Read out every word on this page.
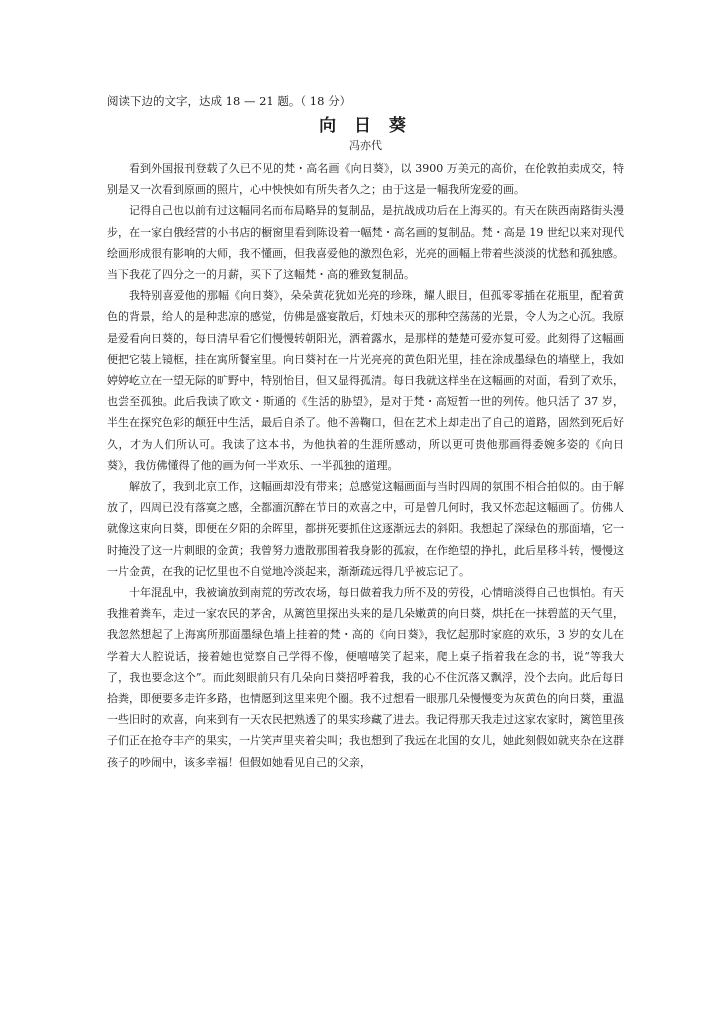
阅读下边的文字，达成 18 — 21 题。（ 18 分）
向 日 葵
冯亦代

看到外国报刊登载了久已不见的梵・高名画《向日葵》，以 3900 万美元的高价，在伦敦拍卖成交，特别是又一次看到原画的照片，心中怏怏如有所失者久之；由于这是一幅我所宠爱的画。

记得自己也以前有过这幅同名而布局略异的复制品，是抗战成功后在上海买的。有天在陕西南路街头漫步，在一家白俄经营的小书店的橱窗里看到陈设着一幅梵・高名画的复制品。梵・高是 19 世纪以来对现代绘画形成很有影响的大师，我不懂画，但我喜爱他的激烈色彩，光亮的画幅上带着些淡淡的忧愁和孤独感。当下我花了四分之一的月薪，买下了这幅梵・高的雅致复制品。

我特别喜爱他的那幅《向日葵》，朵朵黄花犹如光亮的珍珠，耀人眼目，但孤零零插在花瓶里，配着黄色的背景，给人的是种悲凉的感觉，仿佛是盛宴散后，灯烛未灭的那种空荡荡的光景，令人为之心沉。我原是爱看向日葵的，每日清早看它们慢慢转朝阳光，洒着露水，是那样的楚楚可爱亦复可爱。此刻得了这幅画便把它装上镜框，挂在寓所餐室里。向日葵衬在一片光亮亮的黄色阳光里，挂在涂成墨绿色的墙壁上，我如婷婷屹立在一望无际的旷野中，特别怡目，但又显得孤清。每日我就这样坐在这幅画的对面，看到了欢乐，也尝至孤独。此后我读了欧文・斯通的《生活的胁望》，是对于梵・高短暂一世的列传。他只活了 37 岁，半生在探究色彩的颠狂中生活，最后自杀了。他不善鞠口，但在艺术上却走出了自己的道路，固然到死后好久，才为人们所认可。我读了这本书，为他执着的生涯所感动，所以更可贵他那画得委婉多姿的《向日葵》，我仿佛懂得了他的画为何一半欢乐、一半孤独的道理。

解放了，我到北京工作，这幅画却没有带来；总感觉这幅画面与当时四周的氛围不相合拍似的。由于解放了，四周已没有落寞之感，全都湎沉醉在节日的欢喜之中，可是曾几何时，我又怀恋起这幅画了。仿佛人就像这束向日葵，即便在夕阳的余晖里，都拼死要抓住这逐渐远去的斜阳。我想起了深绿色的那面墙，它一时掩没了这一片刺眼的金黄；我曾努力遗散那围着我身影的孤寂，在作绝望的挣扎，此后星移斗转，慢慢这一片金黄，在我的记忆里也不自觉地冷淡起来，渐渐疏远得几乎被忘记了。

十年混乱中，我被谪放到南荒的劳改农场，每日做着我力所不及的劳役，心情暗淡得自己也惧怕。有天我推着粪车，走过一家农民的茅舍，从篱笆里探出头来的是几朵嫩黄的向日葵，烘托在一抹碧蓝的天气里，我忽然想起了上海寓所那面墨绿色墙上挂着的梵・高的《向日葵》，我忆起那时家庭的欢乐，3 岁的女儿在学着大人腔说话，接着她也觉察自己学得不像，便嘻嘻笑了起来，爬上桌子指着我在念的书，说“等我大了，我也要念这个”。而此刻眼前只有几朵向日葵招呼着我，我的心不住沉落又飘浮，没个去向。此后每日拾粪，即便要多走许多路，也情愿到这里来兜个圈。我不过想看一眼那几朵慢慢变为灰黄色的向日葵，重温一些旧时的欢喜，向来到有一天农民把熟透了的果实珍藏了进去。我记得那天我走过这家农家时，篱笆里孩子们正在抢夺丰产的果实，一片笑声里夹着尖叫；我也想到了我远在北国的女儿，她此刻假如就夹杂在这群孩子的吵闹中，该多幸福！但假如她看见自己的父亲，
